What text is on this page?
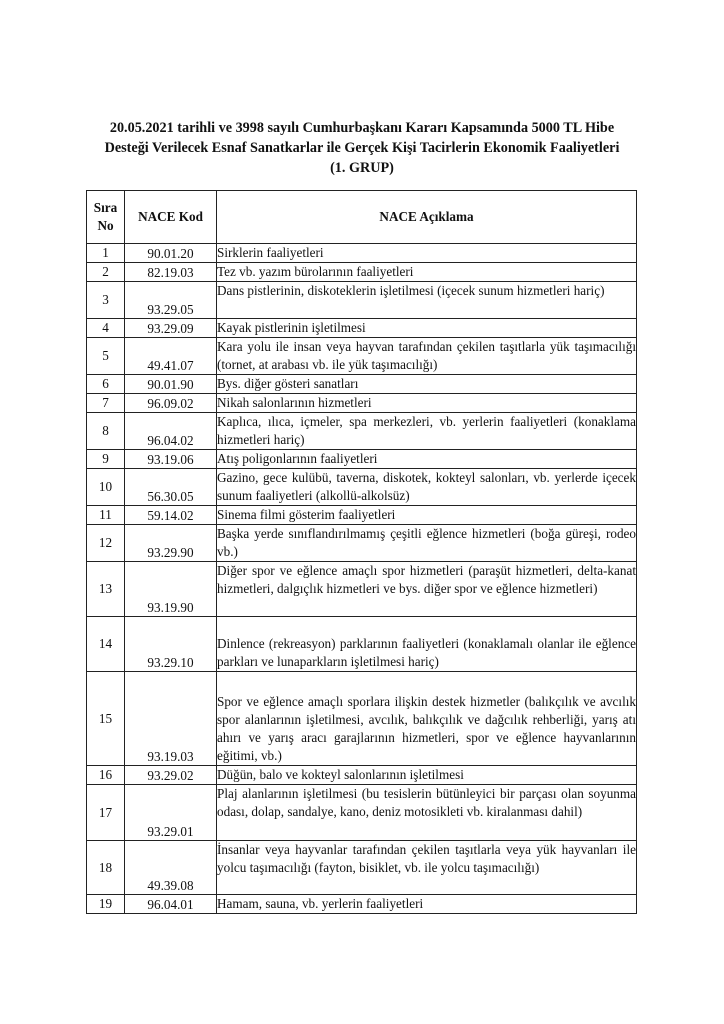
20.05.2021 tarihli ve 3998 sayılı Cumhurbaşkanı Kararı Kapsamında 5000 TL Hibe
Desteği Verilecek Esnaf Sanatkarlar ile Gerçek Kişi Tacirlerin Ekonomik Faaliyetleri
(1. GRUP)
Sıra
No	NACE Kod	NACE Açıklama
1	90.01.20	Sirklerin faaliyetleri
2	82.19.03	Tez vb. yazım bürolarının faaliyetleri
3	93.29.05	Dans pistlerinin, diskoteklerin işletilmesi (içecek sunum hizmetleri hariç)
4	93.29.09	Kayak pistlerinin işletilmesi
5	49.41.07	Kara yolu ile insan veya hayvan tarafından çekilen taşıtlarla yük taşımacılığı (tornet, at arabası vb. ile yük taşımacılığı)
6	90.01.90	Bys. diğer gösteri sanatları
7	96.09.02	Nikah salonlarının hizmetleri
8	96.04.02	Kaplıca, ılıca, içmeler, spa merkezleri, vb. yerlerin faaliyetleri (konaklama hizmetleri hariç)
9	93.19.06	Atış poligonlarının faaliyetleri
10	56.30.05	Gazino, gece kulübü, taverna, diskotek, kokteyl salonları, vb. yerlerde içecek sunum faaliyetleri (alkollü-alkolsüz)
11	59.14.02	Sinema filmi gösterim faaliyetleri
12	93.29.90	Başka yerde sınıflandırılmamış çeşitli eğlence hizmetleri (boğa güreşi, rodeo vb.)
13	93.19.90	Diğer spor ve eğlence amaçlı spor hizmetleri (paraşüt hizmetleri, delta-kanat hizmetleri, dalgıçlık hizmetleri ve bys. diğer spor ve eğlence hizmetleri)
14	93.29.10	Dinlence (rekreasyon) parklarının faaliyetleri (konaklamalı olanlar ile eğlence parkları ve lunaparkların işletilmesi hariç)
15	93.19.03	Spor ve eğlence amaçlı sporlara ilişkin destek hizmetler (balıkçılık ve avcılık spor alanlarının işletilmesi, avcılık, balıkçılık ve dağcılık rehberliği, yarış atı ahırı ve yarış aracı garajlarının hizmetleri, spor ve eğlence hayvanlarının eğitimi, vb.)
16	93.29.02	Düğün, balo ve kokteyl salonlarının işletilmesi
17	93.29.01	Plaj alanlarının işletilmesi (bu tesislerin bütünleyici bir parçası olan soyunma odası, dolap, sandalye, kano, deniz motosikleti vb. kiralanması dahil)
18	49.39.08	İnsanlar veya hayvanlar tarafından çekilen taşıtlarla veya yük hayvanları ile yolcu taşımacılığı (fayton, bisiklet, vb. ile yolcu taşımacılığı)
19	96.04.01	Hamam, sauna, vb. yerlerin faaliyetleri
